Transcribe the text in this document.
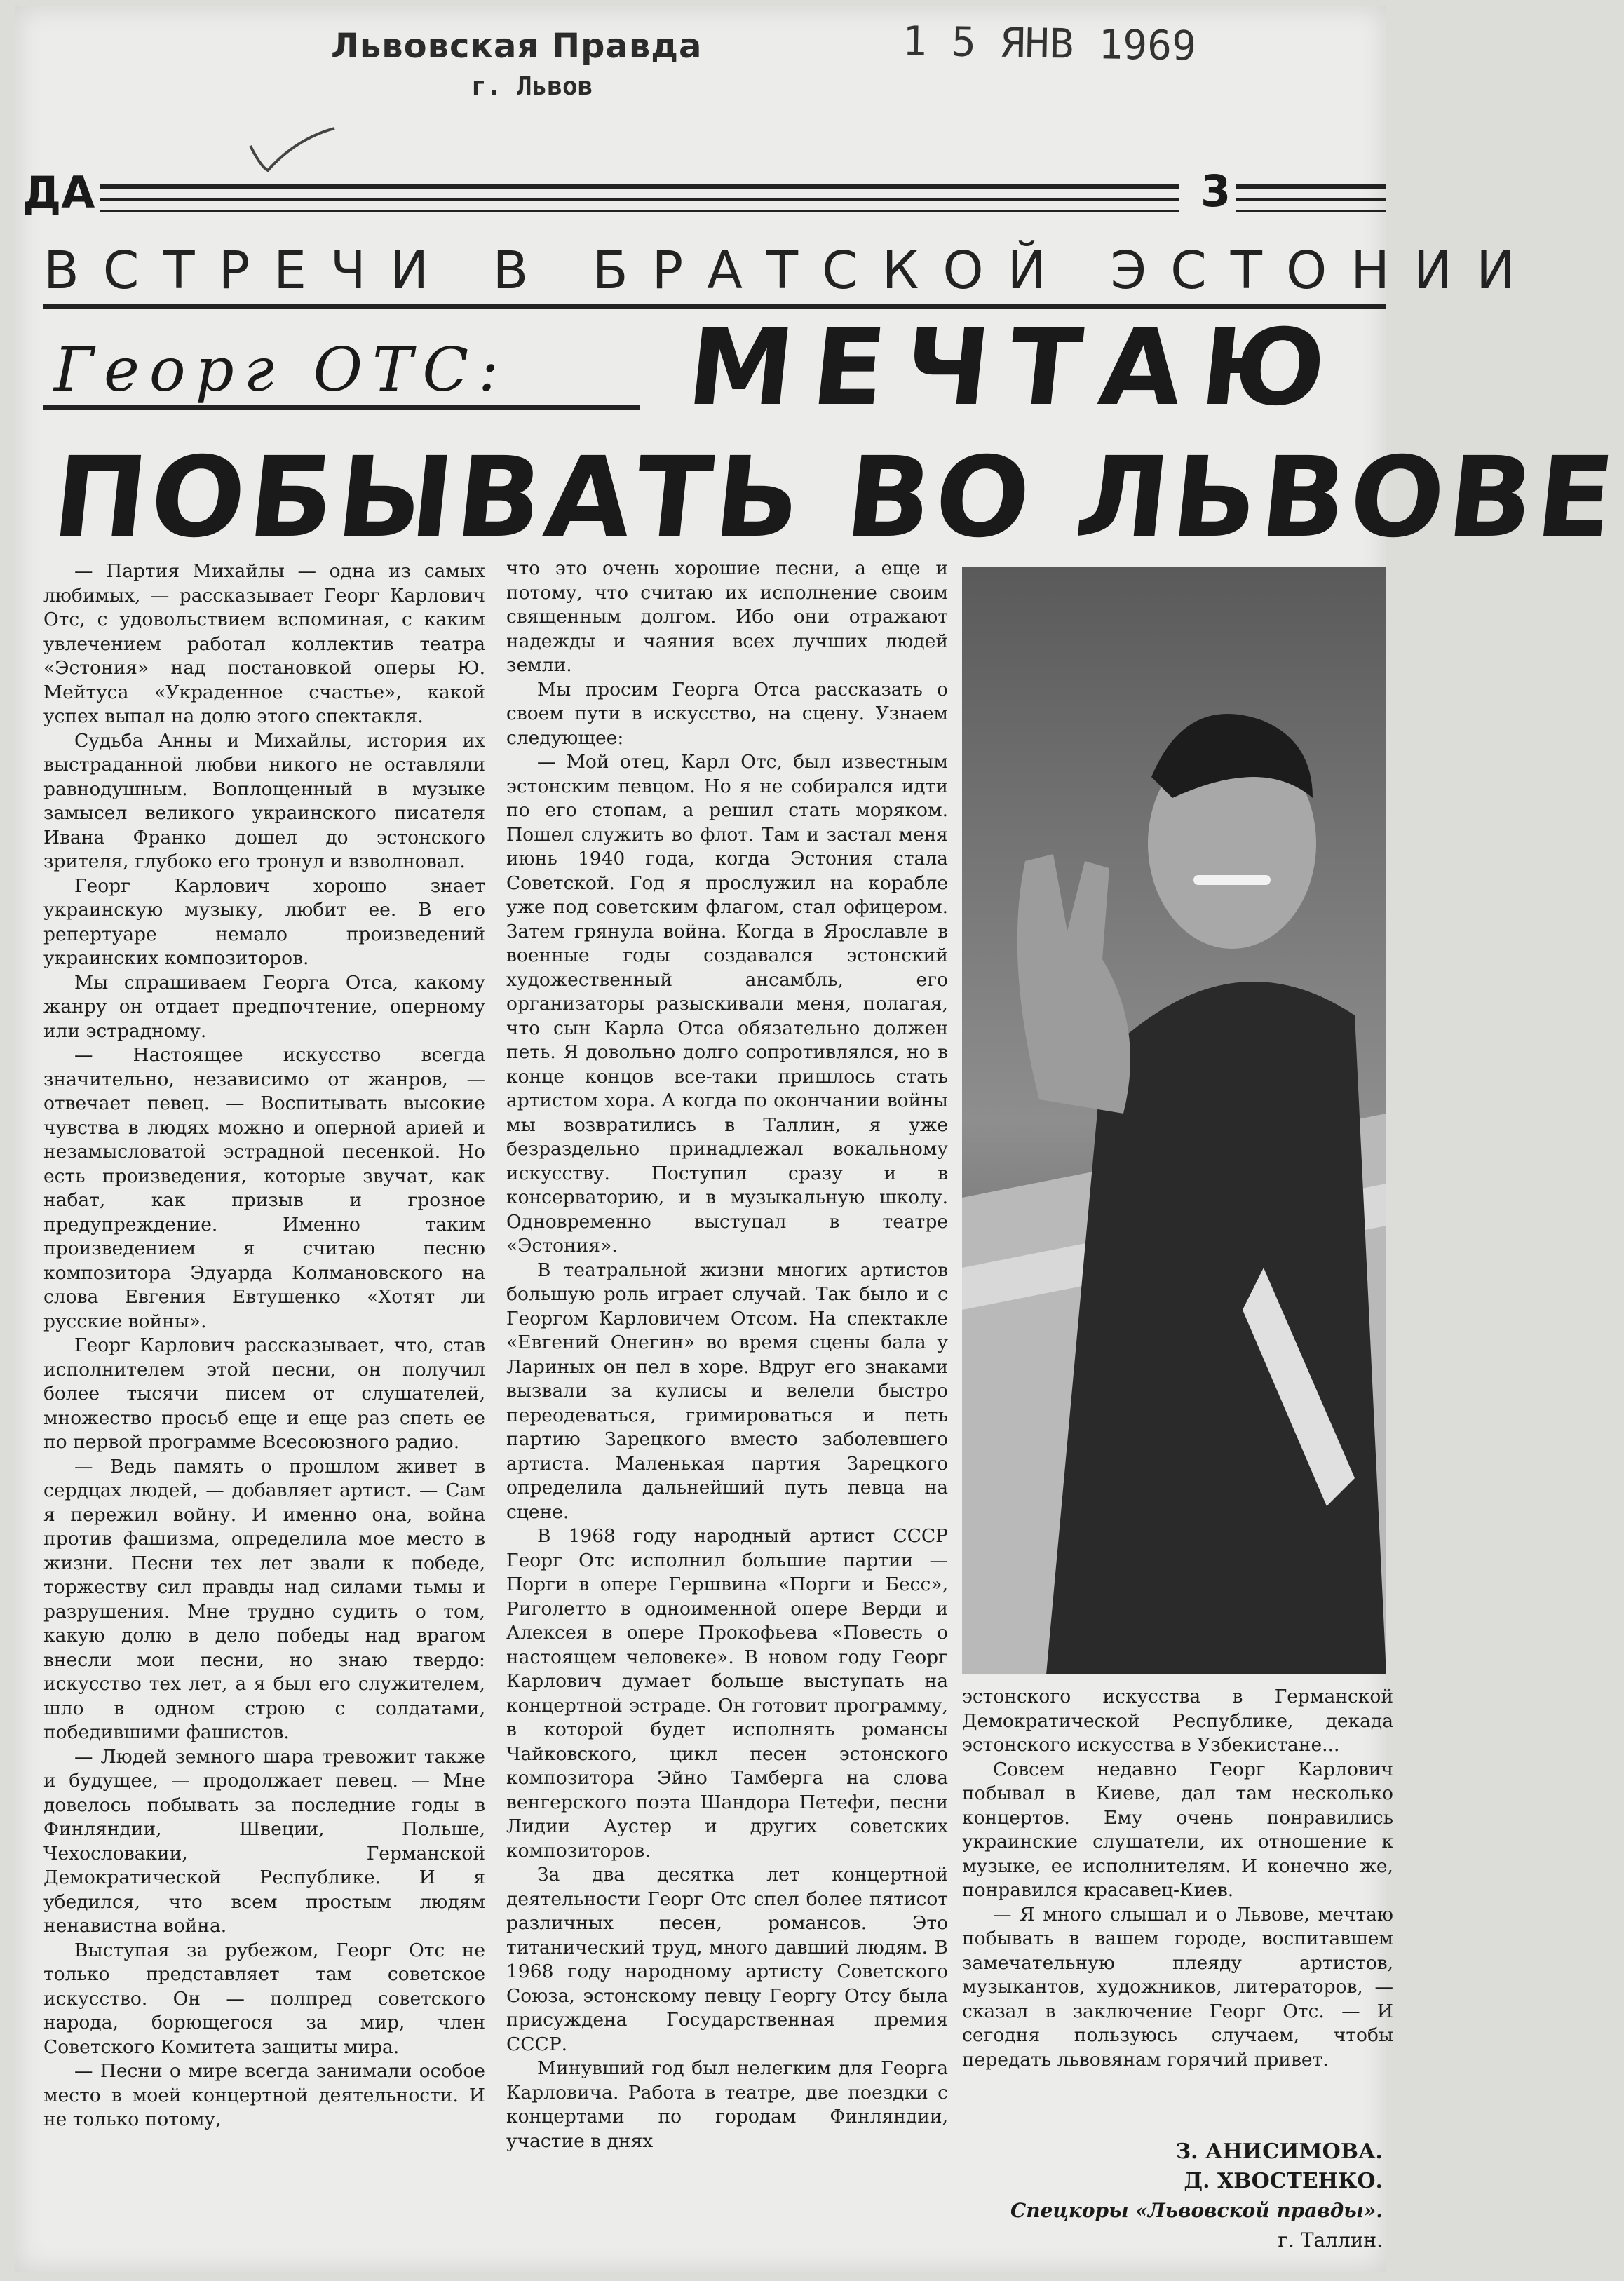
Львовская Правда
г. Львов
1 5 ЯНВ 1969
ДА	3
ВСТРЕЧИ В БРАТСКОЙ ЭСТОНИИ
Георг ОТС: МЕЧТАЮ
ПОБЫВАТЬ ВО ЛЬВОВЕ

— Партия Михайлы — одна из самых любимых, — рассказывает Георг Карлович Отс, с удовольствием вспоминая, с каким увлечением работал коллектив театра «Эстония» над постановкой оперы Ю. Мейтуса «Украденное счастье», какой успех выпал на долю этого спектакля.

Судьба Анны и Михайлы, история их выстраданной любви никого не оставляли равнодушным. Воплощенный в музыке замысел великого украинского писателя Ивана Франко дошел до эстонского зрителя, глубоко его тронул и взволновал.

Георг Карлович хорошо знает украинскую музыку, любит ее. В его репертуаре немало произведений украинских композиторов.

Мы спрашиваем Георга Отса, какому жанру он отдает предпочтение, оперному или эстрадному.

— Настоящее искусство всегда значительно, независимо от жанров, — отвечает певец. — Воспитывать высокие чувства в людях можно и оперной арией и незамысловатой эстрадной песенкой. Но есть произведения, которые звучат, как набат, как призыв и грозное предупреждение. Именно таким произведением я считаю песню композитора Эдуарда Колмановского на слова Евгения Евтушенко «Хотят ли русские войны».

Георг Карлович рассказывает, что, став исполнителем этой песни, он получил более тысячи писем от слушателей, множество просьб еще и еще раз спеть ее по первой программе Всесоюзного радио.

— Ведь память о прошлом живет в сердцах людей, — добавляет артист. — Сам я пережил войну. И именно она, война против фашизма, определила мое место в жизни. Песни тех лет звали к победе, торжеству сил правды над силами тьмы и разрушения. Мне трудно судить о том, какую долю в дело победы над врагом внесли мои песни, но знаю твердо: искусство тех лет, а я был его служителем, шло в одном строю с солдатами, победившими фашистов.

— Людей земного шара тревожит также и будущее, — продолжает певец. — Мне довелось побывать за последние годы в Финляндии, Швеции, Польше, Чехословакии, Германской Демократической Республике. И я убедился, что всем простым людям ненавистна война.

Выступая за рубежом, Георг Отс не только представляет там советское искусство. Он — полпред советского народа, борющегося за мир, член Советского Комитета защиты мира.

— Песни о мире всегда занимали особое место в моей концертной деятельности. И не только потому,

что это очень хорошие песни, а еще и потому, что считаю их исполнение своим священным долгом. Ибо они отражают надежды и чаяния всех лучших людей земли.

Мы просим Георга Отса рассказать о своем пути в искусство, на сцену. Узнаем следующее:

— Мой отец, Карл Отс, был известным эстонским певцом. Но я не собирался идти по его стопам, а решил стать моряком. Пошел служить во флот. Там и застал меня июнь 1940 года, когда Эстония стала Советской. Год я прослужил на корабле уже под советским флагом, стал офицером. Затем грянула война. Когда в Ярославле в военные годы создавался эстонский художественный ансамбль, его организаторы разыскивали меня, полагая, что сын Карла Отса обязательно должен петь. Я довольно долго сопротивлялся, но в конце концов все-таки пришлось стать артистом хора. А когда по окончании войны мы возвратились в Таллин, я уже безраздельно принадлежал вокальному искусству. Поступил сразу и в консерваторию, и в музыкальную школу. Одновременно выступал в театре «Эстония».

В театральной жизни многих артистов большую роль играет случай. Так было и с Георгом Карловичем Отсом. На спектакле «Евгений Онегин» во время сцены бала у Лариных он пел в хоре. Вдруг его знаками вызвали за кулисы и велели быстро переодеваться, гримироваться и петь партию Зарецкого вместо заболевшего артиста. Маленькая партия Зарецкого определила дальнейший путь певца на сцене.

В 1968 году народный артист СССР Георг Отс исполнил большие партии — Порги в опере Гершвина «Порги и Бесс», Риголетто в одноименной опере Верди и Алексея в опере Прокофьева «Повесть о настоящем человеке». В новом году Георг Карлович думает больше выступать на концертной эстраде. Он готовит программу, в которой будет исполнять романсы Чайковского, цикл песен эстонского композитора Эйно Тамберга на слова венгерского поэта Шандора Петефи, песни Лидии Аустер и других советских композиторов.

За два десятка лет концертной деятельности Георг Отс спел более пятисот различных песен, романсов. Это титанический труд, много давший людям. В 1968 году народному артисту Советского Союза, эстонскому певцу Георгу Отсу была присуждена Государственная премия СССР.

Минувший год был нелегким для Георга Карловича. Работа в театре, две поездки с концертами по городам Финляндии, участие в днях

эстонского искусства в Германской Демократической Республике, декада эстонского искусства в Узбекистане...

Совсем недавно Георг Карлович побывал в Киеве, дал там несколько концертов. Ему очень понравились украинские слушатели, их отношение к музыке, ее исполнителям. И конечно же, понравился красавец-Киев.

— Я много слышал и о Львове, мечтаю побывать в вашем городе, воспитавшем замечательную плеяду артистов, музыкантов, художников, литераторов, — сказал в заключение Георг Отс. — И сегодня пользуюсь случаем, чтобы передать львовянам горячий привет.

З. АНИСИМОВА.
Д. ХВОСТЕНКО.
Спецкоры «Львовской правды».
г. Таллин.
